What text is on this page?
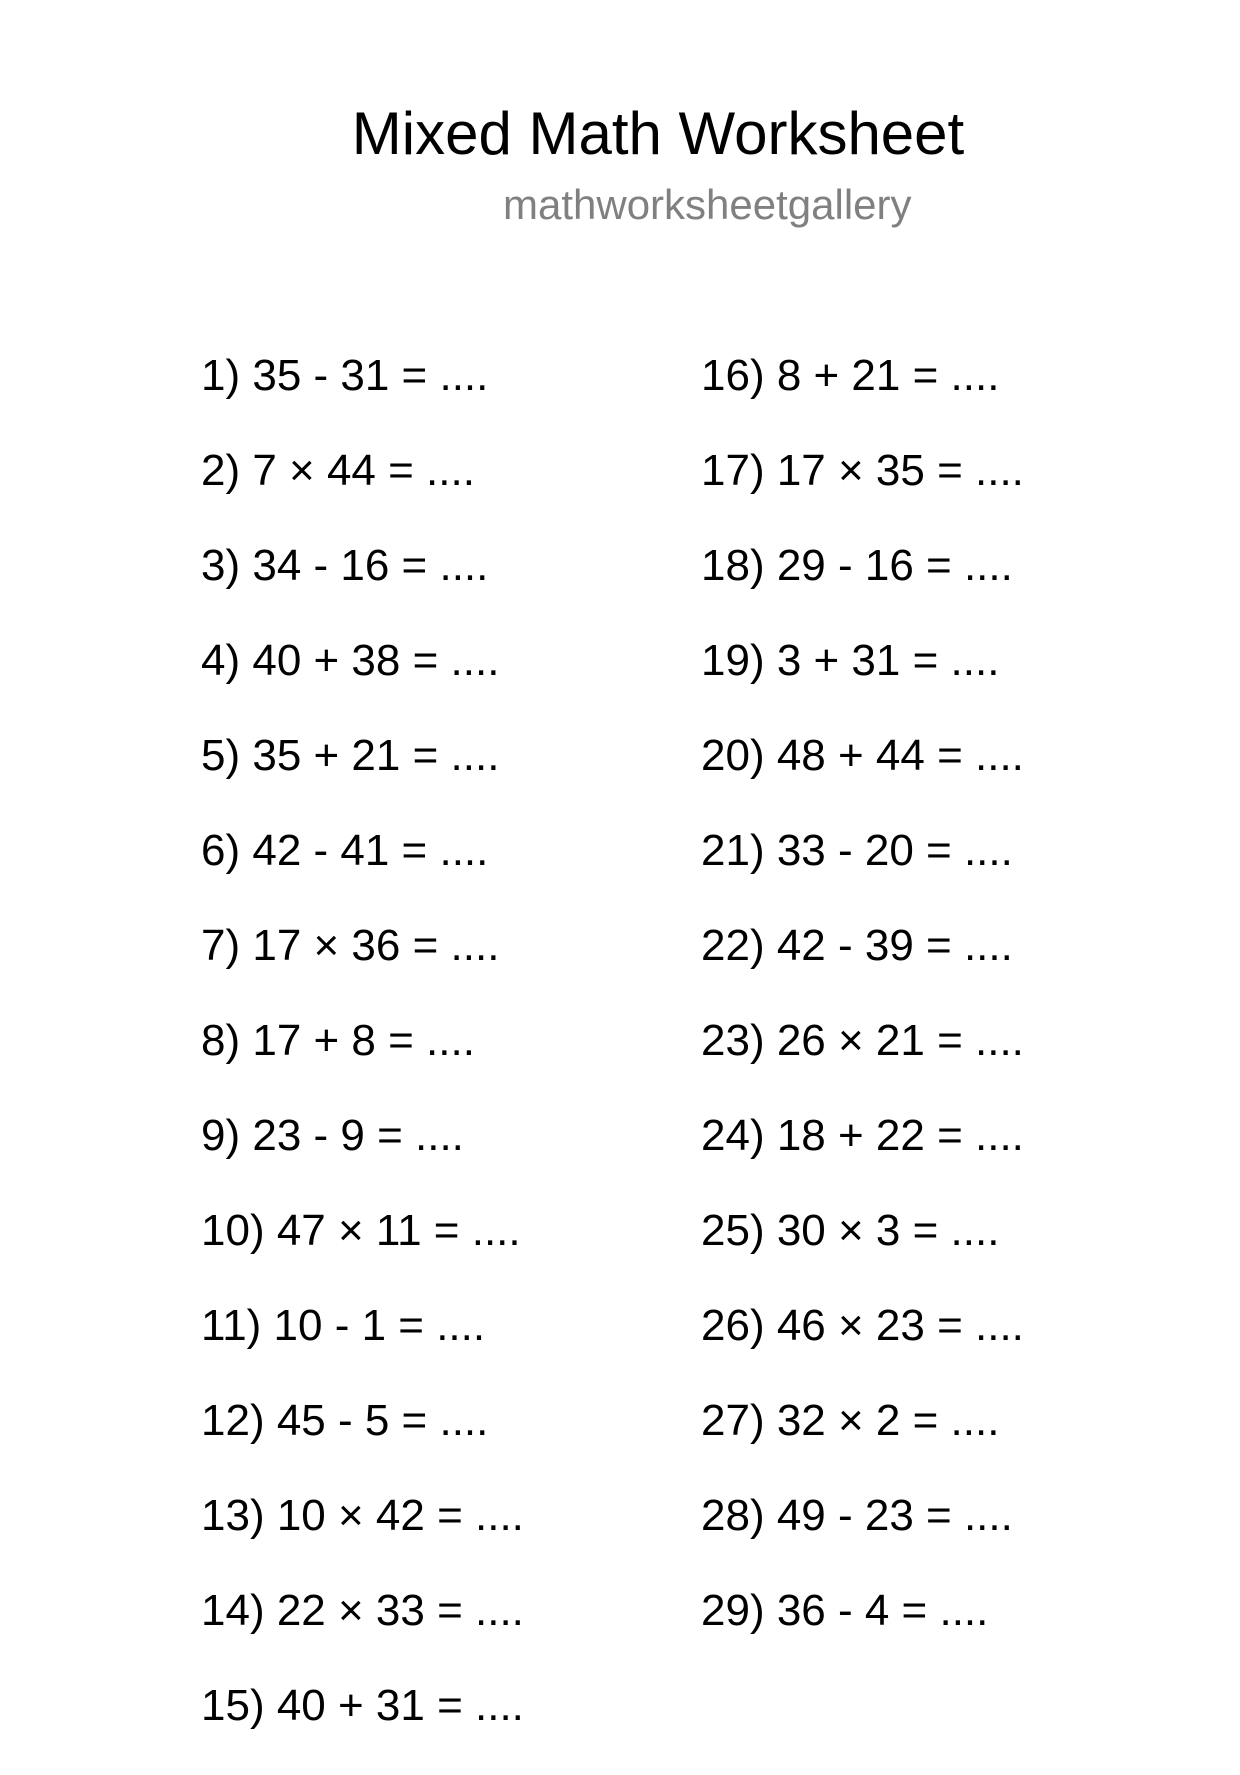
Mixed Math Worksheet
mathworksheetgallery
1) 35 - 31 = ....
2) 7 × 44 = ....
3) 34 - 16 = ....
4) 40 + 38 = ....
5) 35 + 21 = ....
6) 42 - 41 = ....
7) 17 × 36 = ....
8) 17 + 8 = ....
9) 23 - 9 = ....
10) 47 × 11 = ....
11) 10 - 1 = ....
12) 45 - 5 = ....
13) 10 × 42 = ....
14) 22 × 33 = ....
15) 40 + 31 = ....
16) 8 + 21 = ....
17) 17 × 35 = ....
18) 29 - 16 = ....
19) 3 + 31 = ....
20) 48 + 44 = ....
21) 33 - 20 = ....
22) 42 - 39 = ....
23) 26 × 21 = ....
24) 18 + 22 = ....
25) 30 × 3 = ....
26) 46 × 23 = ....
27) 32 × 2 = ....
28) 49 - 23 = ....
29) 36 - 4 = ....
